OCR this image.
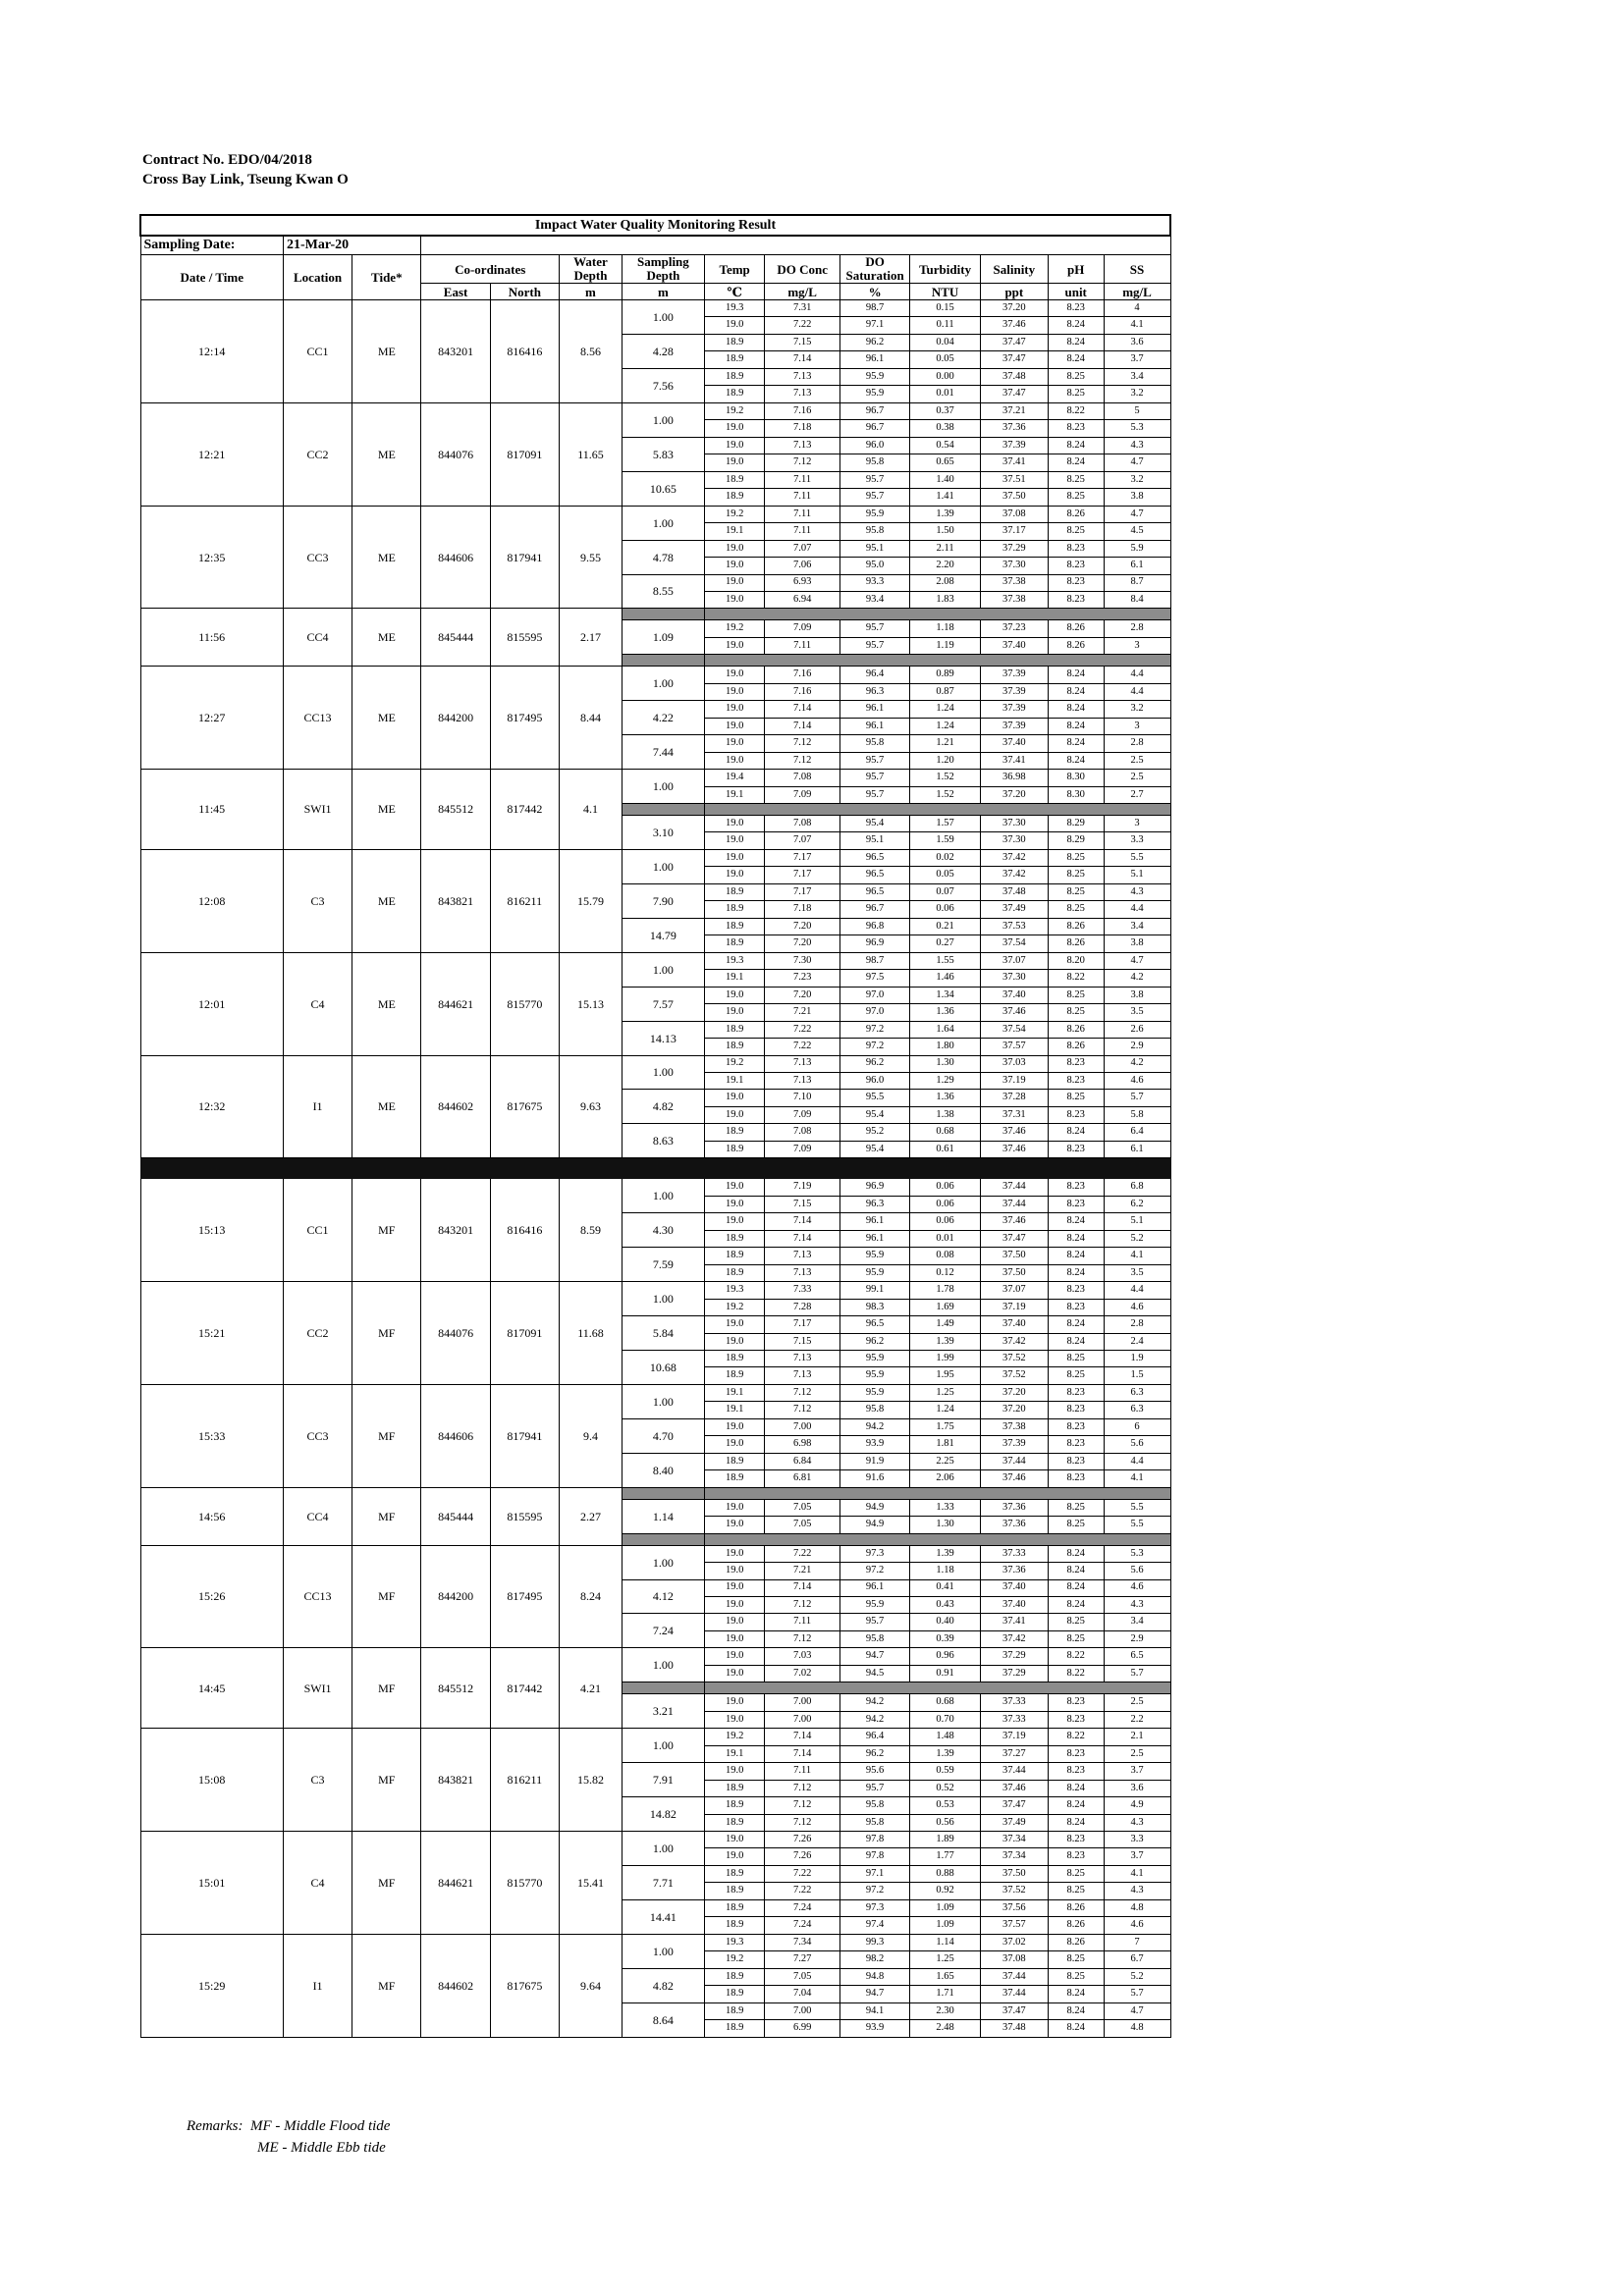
Contract No. EDO/04/2018
Cross Bay Link, Tseung Kwan O
Impact Water Quality Monitoring Result													
Sampling Date:	21-Mar-20												
Date / Time	Location	Tide*	Co-ordinates		Water Depth	Sampling Depth	Temp	DO Conc	DO Saturation	Turbidity	Salinity	pH	SS
			East	North	m	m	℃	mg/L	%	NTU	ppt	unit	mg/L
12:14	CC1	ME	843201	816416	8.56	1.00	19.3	7.31	98.7	0.15	37.20	8.23	4
							19.0	7.22	97.1	0.11	37.46	8.24	4.1
						4.28	18.9	7.15	96.2	0.04	37.47	8.24	3.6
							18.9	7.14	96.1	0.05	37.47	8.24	3.7
						7.56	18.9	7.13	95.9	0.00	37.48	8.25	3.4
							18.9	7.13	95.9	0.01	37.47	8.25	3.2
12:21	CC2	ME	844076	817091	11.65	1.00	19.2	7.16	96.7	0.37	37.21	8.22	5
							19.0	7.18	96.7	0.38	37.36	8.23	5.3
						5.83	19.0	7.13	96.0	0.54	37.39	8.24	4.3
							19.0	7.12	95.8	0.65	37.41	8.24	4.7
						10.65	18.9	7.11	95.7	1.40	37.51	8.25	3.2
							18.9	7.11	95.7	1.41	37.50	8.25	3.8
12:35	CC3	ME	844606	817941	9.55	1.00	19.2	7.11	95.9	1.39	37.08	8.26	4.7
							19.1	7.11	95.8	1.50	37.17	8.25	4.5
						4.78	19.0	7.07	95.1	2.11	37.29	8.23	5.9
							19.0	7.06	95.0	2.20	37.30	8.23	6.1
						8.55	19.0	6.93	93.3	2.08	37.38	8.23	8.7
							19.0	6.94	93.4	1.83	37.38	8.23	8.4
11:56	CC4	ME	845444	815595	2.17								

						1.09	19.2	7.09	95.7	1.18	37.23	8.26	2.8
							19.0	7.11	95.7	1.19	37.40	8.26	3

12:27	CC13	ME	844200	817495	8.44	1.00	19.0	7.16	96.4	0.89	37.39	8.24	4.4
							19.0	7.16	96.3	0.87	37.39	8.24	4.4
						4.22	19.0	7.14	96.1	1.24	37.39	8.24	3.2
							19.0	7.14	96.1	1.24	37.39	8.24	3
						7.44	19.0	7.12	95.8	1.21	37.40	8.24	2.8
							19.0	7.12	95.7	1.20	37.41	8.24	2.5
11:45	SWI1	ME	845512	817442	4.1	1.00	19.4	7.08	95.7	1.52	36.98	8.30	2.5
							19.1	7.09	95.7	1.52	37.20	8.30	2.7

						3.10	19.0	7.08	95.4	1.57	37.30	8.29	3
							19.0	7.07	95.1	1.59	37.30	8.29	3.3
12:08	C3	ME	843821	816211	15.79	1.00	19.0	7.17	96.5	0.02	37.42	8.25	5.5
							19.0	7.17	96.5	0.05	37.42	8.25	5.1
						7.90	18.9	7.17	96.5	0.07	37.48	8.25	4.3
							18.9	7.18	96.7	0.06	37.49	8.25	4.4
						14.79	18.9	7.20	96.8	0.21	37.53	8.26	3.4
							18.9	7.20	96.9	0.27	37.54	8.26	3.8
12:01	C4	ME	844621	815770	15.13	1.00	19.3	7.30	98.7	1.55	37.07	8.20	4.7
							19.1	7.23	97.5	1.46	37.30	8.22	4.2
						7.57	19.0	7.20	97.0	1.34	37.40	8.25	3.8
							19.0	7.21	97.0	1.36	37.46	8.25	3.5
						14.13	18.9	7.22	97.2	1.64	37.54	8.26	2.6
							18.9	7.22	97.2	1.80	37.57	8.26	2.9
12:32	I1	ME	844602	817675	9.63	1.00	19.2	7.13	96.2	1.30	37.03	8.23	4.2
							19.1	7.13	96.0	1.29	37.19	8.23	4.6
						4.82	19.0	7.10	95.5	1.36	37.28	8.25	5.7
							19.0	7.09	95.4	1.38	37.31	8.23	5.8
						8.63	18.9	7.08	95.2	0.68	37.46	8.24	6.4
							18.9	7.09	95.4	0.61	37.46	8.23	6.1

15:13	CC1	MF	843201	816416	8.59	1.00	19.0	7.19	96.9	0.06	37.44	8.23	6.8
							19.0	7.15	96.3	0.06	37.44	8.23	6.2
						4.30	19.0	7.14	96.1	0.06	37.46	8.24	5.1
							18.9	7.14	96.1	0.01	37.47	8.24	5.2
						7.59	18.9	7.13	95.9	0.08	37.50	8.24	4.1
							18.9	7.13	95.9	0.12	37.50	8.24	3.5
15:21	CC2	MF	844076	817091	11.68	1.00	19.3	7.33	99.1	1.78	37.07	8.23	4.4
							19.2	7.28	98.3	1.69	37.19	8.23	4.6
						5.84	19.0	7.17	96.5	1.49	37.40	8.24	2.8
							19.0	7.15	96.2	1.39	37.42	8.24	2.4
						10.68	18.9	7.13	95.9	1.99	37.52	8.25	1.9
							18.9	7.13	95.9	1.95	37.52	8.25	1.5
15:33	CC3	MF	844606	817941	9.4	1.00	19.1	7.12	95.9	1.25	37.20	8.23	6.3
							19.1	7.12	95.8	1.24	37.20	8.23	6.3
						4.70	19.0	7.00	94.2	1.75	37.38	8.23	6
							19.0	6.98	93.9	1.81	37.39	8.23	5.6
						8.40	18.9	6.84	91.9	2.25	37.44	8.23	4.4
							18.9	6.81	91.6	2.06	37.46	8.23	4.1
14:56	CC4	MF	845444	815595	2.27								

						1.14	19.0	7.05	94.9	1.33	37.36	8.25	5.5
							19.0	7.05	94.9	1.30	37.36	8.25	5.5

15:26	CC13	MF	844200	817495	8.24	1.00	19.0	7.22	97.3	1.39	37.33	8.24	5.3
							19.0	7.21	97.2	1.18	37.36	8.24	5.6
						4.12	19.0	7.14	96.1	0.41	37.40	8.24	4.6
							19.0	7.12	95.9	0.43	37.40	8.24	4.3
						7.24	19.0	7.11	95.7	0.40	37.41	8.25	3.4
							19.0	7.12	95.8	0.39	37.42	8.25	2.9
14:45	SWI1	MF	845512	817442	4.21	1.00	19.0	7.03	94.7	0.96	37.29	8.22	6.5
							19.0	7.02	94.5	0.91	37.29	8.22	5.7

						3.21	19.0	7.00	94.2	0.68	37.33	8.23	2.5
							19.0	7.00	94.2	0.70	37.33	8.23	2.2
15:08	C3	MF	843821	816211	15.82	1.00	19.2	7.14	96.4	1.48	37.19	8.22	2.1
							19.1	7.14	96.2	1.39	37.27	8.23	2.5
						7.91	19.0	7.11	95.6	0.59	37.44	8.23	3.7
							18.9	7.12	95.7	0.52	37.46	8.24	3.6
						14.82	18.9	7.12	95.8	0.53	37.47	8.24	4.9
							18.9	7.12	95.8	0.56	37.49	8.24	4.3
15:01	C4	MF	844621	815770	15.41	1.00	19.0	7.26	97.8	1.89	37.34	8.23	3.3
							19.0	7.26	97.8	1.77	37.34	8.23	3.7
						7.71	18.9	7.22	97.1	0.88	37.50	8.25	4.1
							18.9	7.22	97.2	0.92	37.52	8.25	4.3
						14.41	18.9	7.24	97.3	1.09	37.56	8.26	4.8
							18.9	7.24	97.4	1.09	37.57	8.26	4.6
15:29	I1	MF	844602	817675	9.64	1.00	19.3	7.34	99.3	1.14	37.02	8.26	7
							19.2	7.27	98.2	1.25	37.08	8.25	6.7
						4.82	18.9	7.05	94.8	1.65	37.44	8.25	5.2
							18.9	7.04	94.7	1.71	37.44	8.24	5.7
						8.64	18.9	7.00	94.1	2.30	37.47	8.24	4.7
							18.9	6.99	93.9	2.48	37.48	8.24	4.8
Remarks: MF - Middle Flood tide
ME - Middle Ebb tide
